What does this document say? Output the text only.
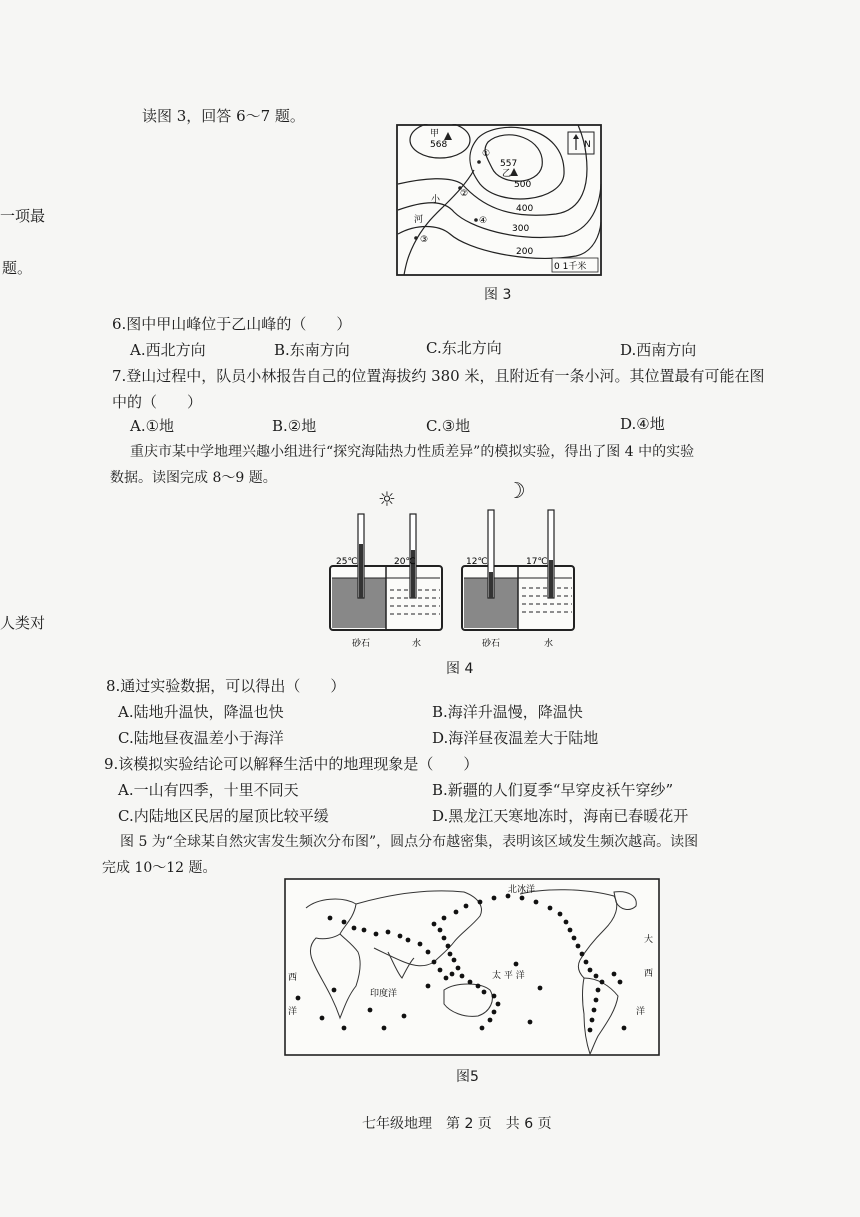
一项最
题。
人类对
读图 3，回答 6～7 题。
甲
568
557
乙
500
400
300
200
小
河
①
②
③
④
N
0 1千米
图 3
6.图中甲山峰位于乙山峰的（　　）
A.西北方向	B.东南方向	C.东北方向	D.西南方向
7.登山过程中，队员小林报告自己的位置海拔约 380 米，且附近有一条小河。其位置最有可能在图
中的（　　）
A.①地	B.②地	C.③地	D.④地
重庆市某中学地理兴趣小组进行“探究海陆热力性质差异”的模拟实验，得出了图 4 中的实验
数据。读图完成 8～9 题。
☼	☽
25℃	20℃	12℃	17℃
砂石	水	砂石	水
图 4
8.通过实验数据，可以得出（　　）
A.陆地升温快，降温也快	B.海洋升温慢，降温快
C.陆地昼夜温差小于海洋	D.海洋昼夜温差大于陆地
9.该模拟实验结论可以解释生活中的地理现象是（　　）
A.一山有四季，十里不同天	B.新疆的人们夏季“早穿皮袄午穿纱”
C.内陆地区民居的屋顶比较平缓	D.黑龙江天寒地冻时，海南已春暖花开
图 5 为“全球某自然灾害发生频次分布图”，圆点分布越密集，表明该区域发生频次越高。读图
完成 10～12 题。
北冰洋
太 平 洋
印度洋
西
洋
大
西
洋
图5
七年级地理　第 2 页　共 6 页
